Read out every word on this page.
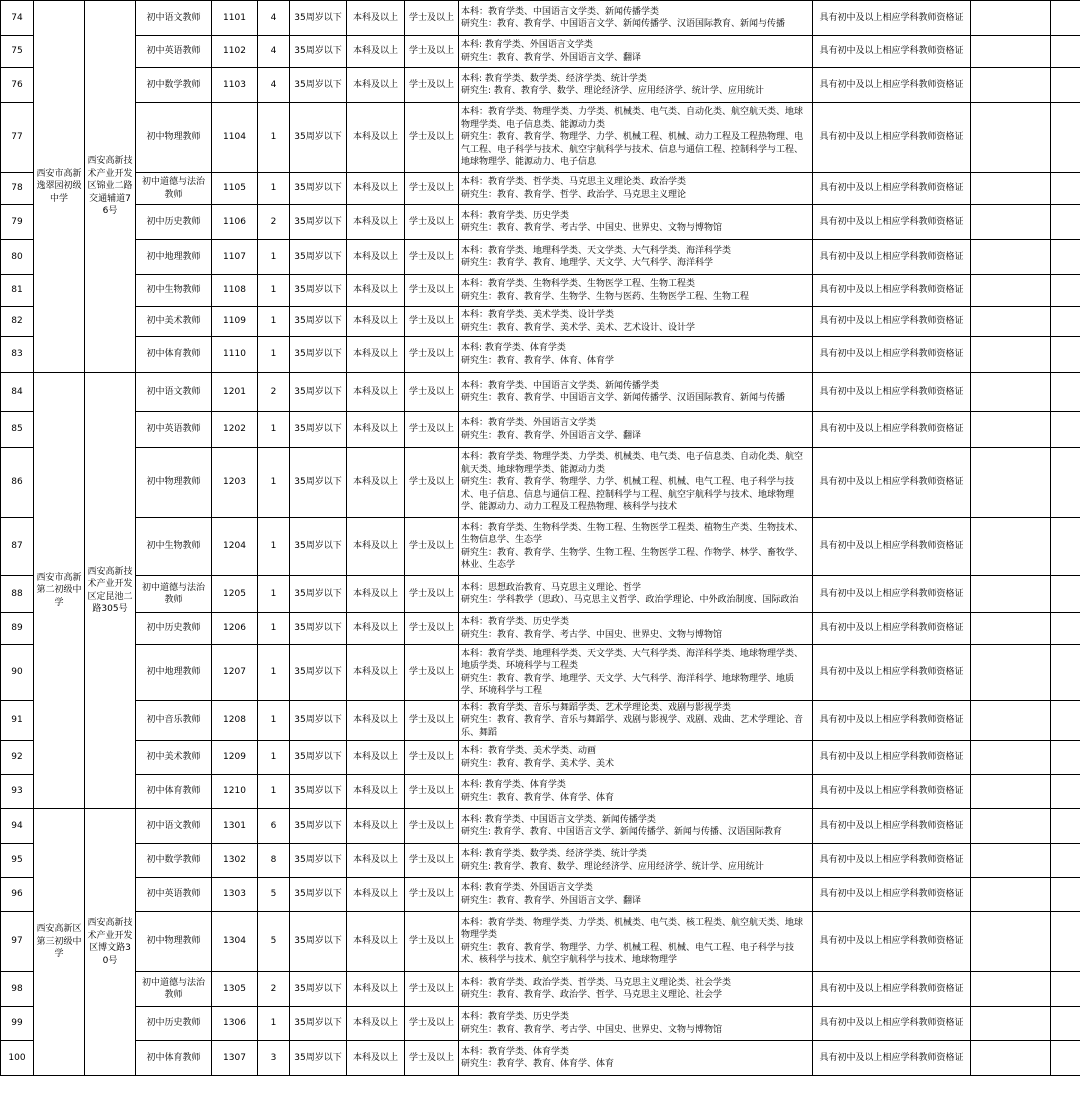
74	西安市高新逸翠园初级中学	西安高新技术产业开发区锦业二路交通辅道76号	初中语文教师	1101	4	35周岁以下	本科及以上	学士及以上	本科：教育学类、中国语言文学类、新闻传播学类
研究生：教育、教育学、中国语言文学、新闻传播学、汉语国际教育、新闻与传播	具有初中及以上相应学科教师资格证			
75			初中英语教师	1102	4	35周岁以下	本科及以上	学士及以上	本科: 教育学类、外国语言文学类
研究生：教育、教育学、外国语言文学、翻译	具有初中及以上相应学科教师资格证			
76			初中数学教师	1103	4	35周岁以下	本科及以上	学士及以上	本科: 教育学类、数学类、经济学类、统计学类
研究生: 教育、教育学、数学、理论经济学、应用经济学、统计学、应用统计	具有初中及以上相应学科教师资格证			
77			初中物理教师	1104	1	35周岁以下	本科及以上	学士及以上	本科：教育学类、物理学类、力学类、机械类、电气类、自动化类、航空航天类、地球物理学类、电子信息类、能源动力类
研究生：教育、教育学、物理学、力学、机械工程、机械、动力工程及工程热物理、电气工程、电子科学与技术、航空宇航科学与技术、信息与通信工程、控制科学与工程、地球物理学、能源动力、电子信息	具有初中及以上相应学科教师资格证			
78			初中道德与法治教师	1105	1	35周岁以下	本科及以上	学士及以上	本科：教育学类、哲学类、马克思主义理论类、政治学类
研究生：教育、教育学、哲学、政治学、马克思主义理论	具有初中及以上相应学科教师资格证			
79			初中历史教师	1106	2	35周岁以下	本科及以上	学士及以上	本科：教育学类、历史学类
研究生：教育、教育学、考古学、中国史、世界史、文物与博物馆	具有初中及以上相应学科教师资格证			
80			初中地理教师	1107	1	35周岁以下	本科及以上	学士及以上	本科：教育学类、地理科学类、天文学类、大气科学类、海洋科学类
研究生：教育学、教育、地理学、天文学、大气科学、海洋科学	具有初中及以上相应学科教师资格证			
81			初中生物教师	1108	1	35周岁以下	本科及以上	学士及以上	本科：教育学类、生物科学类、生物医学工程、生物工程类
研究生：教育、教育学、生物学、生物与医药、生物医学工程、生物工程	具有初中及以上相应学科教师资格证			
82			初中美术教师	1109	1	35周岁以下	本科及以上	学士及以上	本科：教育学类、美术学类、设计学类
研究生：教育、教育学、美术学、美术、艺术设计、设计学	具有初中及以上相应学科教师资格证			
83			初中体育教师	1110	1	35周岁以下	本科及以上	学士及以上	本科: 教育学类、体育学类
研究生：教育、教育学、体育、体育学	具有初中及以上相应学科教师资格证			
84	西安市高新第二初级中学	西安高新技术产业开发区定昆池二路305号	初中语文教师	1201	2	35周岁以下	本科及以上	学士及以上	本科：教育学类、中国语言文学类、新闻传播学类
研究生：教育、教育学、中国语言文学、新闻传播学、汉语国际教育、新闻与传播	具有初中及以上相应学科教师资格证			
85			初中英语教师	1202	1	35周岁以下	本科及以上	学士及以上	本科：教育学类、外国语言文学类
研究生：教育、教育学、外国语言文学、翻译	具有初中及以上相应学科教师资格证			
86			初中物理教师	1203	1	35周岁以下	本科及以上	学士及以上	本科：教育学类、物理学类、力学类、机械类、电气类、电子信息类、自动化类、航空航天类、地球物理学类、能源动力类
研究生：教育、教育学、物理学、力学、机械工程、机械、电气工程、电子科学与技术、电子信息、信息与通信工程、控制科学与工程、航空宇航科学与技术、地球物理学、能源动力、动力工程及工程热物理、核科学与技术	具有初中及以上相应学科教师资格证			
87			初中生物教师	1204	1	35周岁以下	本科及以上	学士及以上	本科：教育学类、生物科学类、生物工程、生物医学工程类、植物生产类、生物技术、生物信息学、生态学
研究生：教育、教育学、生物学、生物工程、生物医学工程、作物学、林学、畜牧学、林业、生态学	具有初中及以上相应学科教师资格证			
88			初中道德与法治教师	1205	1	35周岁以下	本科及以上	学士及以上	本科：思想政治教育、马克思主义理论、哲学
研究生：学科教学（思政）、马克思主义哲学、政治学理论、中外政治制度、国际政治	具有初中及以上相应学科教师资格证			
89			初中历史教师	1206	1	35周岁以下	本科及以上	学士及以上	本科：教育学类、历史学类
研究生：教育、教育学、考古学、中国史、世界史、文物与博物馆	具有初中及以上相应学科教师资格证			
90			初中地理教师	1207	1	35周岁以下	本科及以上	学士及以上	本科：教育学类、地理科学类、天文学类、大气科学类、海洋科学类、地球物理学类、地质学类、环境科学与工程类
研究生：教育、教育学、地理学、天文学、大气科学、海洋科学、地球物理学、地质学、环境科学与工程	具有初中及以上相应学科教师资格证			
91			初中音乐教师	1208	1	35周岁以下	本科及以上	学士及以上	本科：教育学类、音乐与舞蹈学类、艺术学理论类、戏剧与影视学类
研究生：教育、教育学、音乐与舞蹈学、戏剧与影视学、戏剧、戏曲、艺术学理论、音乐、舞蹈	具有初中及以上相应学科教师资格证			
92			初中美术教师	1209	1	35周岁以下	本科及以上	学士及以上	本科：教育学类、美术学类、动画
研究生：教育、教育学、美术学、美术	具有初中及以上相应学科教师资格证			
93			初中体育教师	1210	1	35周岁以下	本科及以上	学士及以上	本科: 教育学类、体育学类
研究生：教育、教育学、体育学、体育	具有初中及以上相应学科教师资格证			
94	西安高新区第三初级中学	西安高新技术产业开发区博文路30号	初中语文教师	1301	6	35周岁以下	本科及以上	学士及以上	本科: 教育学类、中国语言文学类、新闻传播学类
研究生: 教育学、教育、中国语言文学、新闻传播学、新闻与传播、汉语国际教育	具有初中及以上相应学科教师资格证			
95			初中数学教师	1302	8	35周岁以下	本科及以上	学士及以上	本科: 教育学类、数学类、经济学类、统计学类
研究生: 教育学、教育、数学、理论经济学、应用经济学、统计学、应用统计	具有初中及以上相应学科教师资格证			
96			初中英语教师	1303	5	35周岁以下	本科及以上	学士及以上	本科: 教育学类、外国语言文学类
研究生：教育、教育学、外国语言文学、翻译	具有初中及以上相应学科教师资格证			
97			初中物理教师	1304	5	35周岁以下	本科及以上	学士及以上	本科：教育学类、物理学类、力学类、机械类、电气类、核工程类、航空航天类、地球物理学类
研究生：教育、教育学、物理学、力学、机械工程、机械、电气工程、电子科学与技术、核科学与技术、航空宇航科学与技术、地球物理学	具有初中及以上相应学科教师资格证			
98			初中道德与法治教师	1305	2	35周岁以下	本科及以上	学士及以上	本科：教育学类、政治学类、哲学类、马克思主义理论类、社会学类
研究生：教育、教育学、政治学、哲学、马克思主义理论、社会学	具有初中及以上相应学科教师资格证			
99			初中历史教师	1306	1	35周岁以下	本科及以上	学士及以上	本科：教育学类、历史学类
研究生：教育、教育学、考古学、中国史、世界史、文物与博物馆	具有初中及以上相应学科教师资格证			
100			初中体育教师	1307	3	35周岁以下	本科及以上	学士及以上	本科：教育学类、体育学类
研究生：教育学、教育、体育学、体育	具有初中及以上相应学科教师资格证			
